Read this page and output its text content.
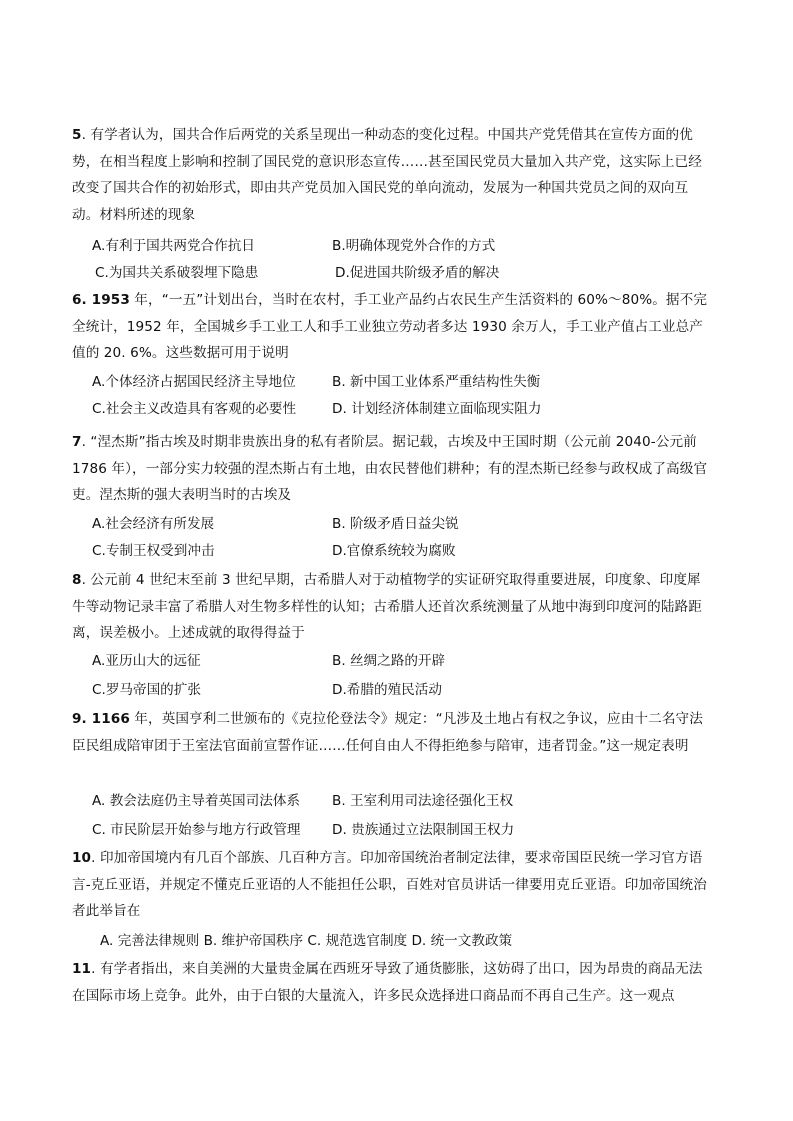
5. 有学者认为，国共合作后两党的关系呈现出一种动态的变化过程。中国共产党凭借其在宣传方面的优势，在相当程度上影响和控制了国民党的意识形态宣传……甚至国民党员大量加入共产党，这实际上已经改变了国共合作的初始形式，即由共产党员加入国民党的单向流动，发展为一种国共党员之间的双向互动。材料所述的现象
A.有利于国共两党合作抗日	B.明确体现党外合作的方式
C.为国共关系破裂埋下隐患	D.促进国共阶级矛盾的解决
6. 1953 年，“一五”计划出台，当时在农村，手工业产品约占农民生产生活资料的 60%～80%。据不完全统计，1952 年，全国城乡手工业工人和手工业独立劳动者多达 1930 余万人，手工业产值占工业总产值的 20. 6%。这些数据可用于说明
A.个体经济占据国民经济主导地位	B. 新中国工业体系严重结构性失衡
C.社会主义改造具有客观的必要性	D. 计划经济体制建立面临现实阻力
7. “涅杰斯”指古埃及时期非贵族出身的私有者阶层。据记载，古埃及中王国时期（公元前 2040-公元前 1786 年），一部分实力较强的涅杰斯占有土地，由农民替他们耕种；有的涅杰斯已经参与政权成了高级官吏。涅杰斯的强大表明当时的古埃及
A.社会经济有所发展	B. 阶级矛盾日益尖锐
C.专制王权受到冲击	D.官僚系统较为腐败
8. 公元前 4 世纪末至前 3 世纪早期，古希腊人对于动植物学的实证研究取得重要进展，印度象、印度犀牛等动物记录丰富了希腊人对生物多样性的认知；古希腊人还首次系统测量了从地中海到印度河的陆路距离，误差极小。上述成就的取得得益于
A.亚历山大的远征	B. 丝绸之路的开辟
C.罗马帝国的扩张	D.希腊的殖民活动
9. 1166 年，英国亨利二世颁布的《克拉伦登法令》规定：“凡涉及土地占有权之争议，应由十二名守法臣民组成陪审团于王室法官面前宣誓作证……任何自由人不得拒绝参与陪审，违者罚金。”这一规定表明
A. 教会法庭仍主导着英国司法体系 B. 王室利用司法途径强化王权
C. 市民阶层开始参与地方行政管理 D. 贵族通过立法限制国王权力
10. 印加帝国境内有几百个部族、几百种方言。印加帝国统治者制定法律，要求帝国臣民统一学习官方语言-克丘亚语，并规定不懂克丘亚语的人不能担任公职，百姓对官员讲话一律要用克丘亚语。印加帝国统治者此举旨在
A. 完善法律规则 B. 维护帝国秩序 C. 规范选官制度 D. 统一文教政策
11. 有学者指出，来自美洲的大量贵金属在西班牙导致了通货膨胀，这妨碍了出口，因为昂贵的商品无法在国际市场上竞争。此外，由于白银的大量流入，许多民众选择进口商品而不再自己生产。这一观点
